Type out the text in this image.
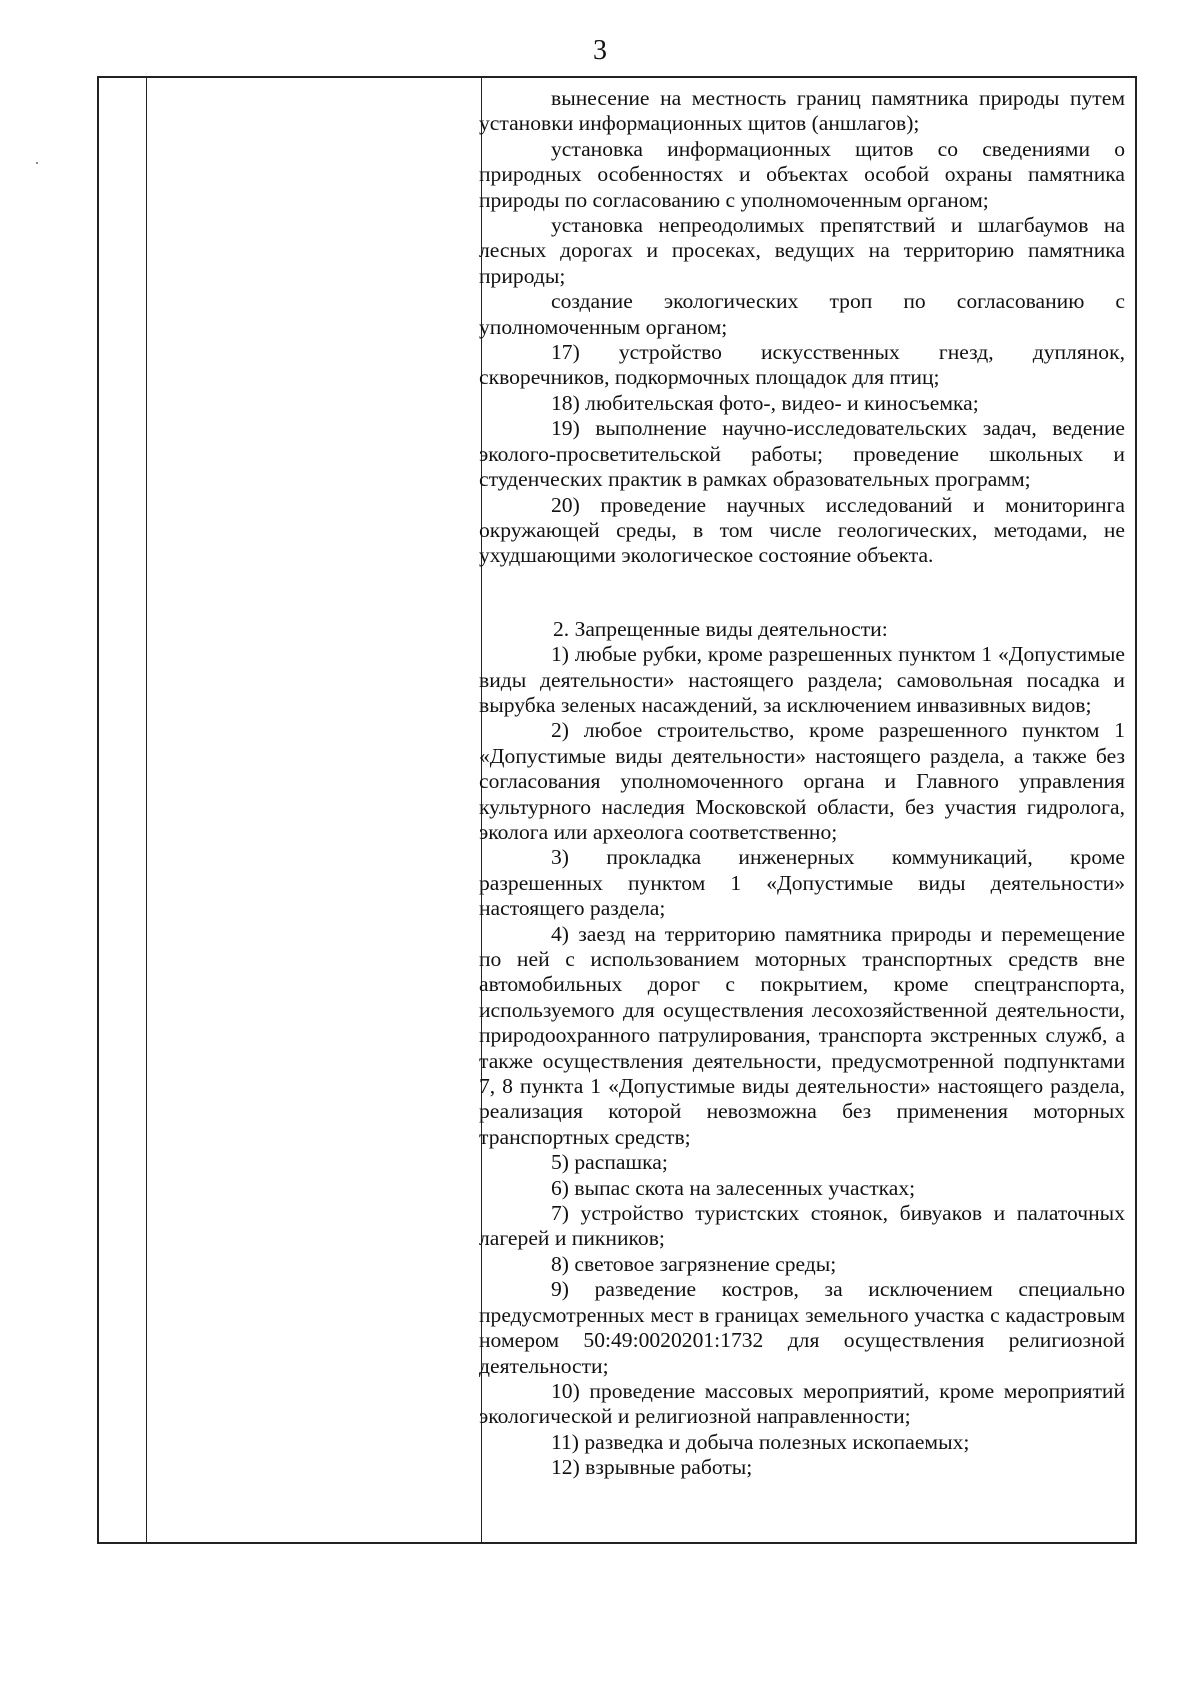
3

вынесение на местность границ памятника природы путем установки информационных щитов (аншлагов);

установка информационных щитов со сведениями о природных особенностях и объектах особой охраны памятника природы по согласованию с уполномоченным органом;

установка непреодолимых препятствий и шлагбаумов на лесных дорогах и просеках, ведущих на территорию памятника природы;

создание экологических троп по согласованию с уполномоченным органом;

17) устройство искусственных гнезд, дуплянок, скворечников, подкормочных площадок для птиц;

18) любительская фото-, видео- и киносъемка;

19) выполнение научно-исследовательских задач, ведение эколого-просветительской работы; проведение школьных и студенческих практик в рамках образовательных программ;

20) проведение научных исследований и мониторинга окружающей среды, в том числе геологических, методами, не ухудшающими экологическое состояние объекта.

2. Запрещенные виды деятельности:

1) любые рубки, кроме разрешенных пунктом 1 «Допустимые виды деятельности» настоящего раздела; самовольная посадка и вырубка зеленых насаждений, за исключением инвазивных видов;

2) любое строительство, кроме разрешенного пунктом 1 «Допустимые виды деятельности» настоящего раздела, а также без согласования уполномоченного органа и Главного управления культурного наследия Московской области, без участия гидролога, эколога или археолога соответственно;

3) прокладка инженерных коммуникаций, кроме разрешенных пунктом 1 «Допустимые виды деятельности» настоящего раздела;

4) заезд на территорию памятника природы и перемещение по ней с использованием моторных транспортных средств вне автомобильных дорог с покрытием, кроме спецтранспорта, используемого для осуществления лесохозяйственной деятельности, природоохранного патрулирования, транспорта экстренных служб, а также осуществления деятельности, предусмотренной подпунктами 7, 8 пункта 1 «Допустимые виды деятельности» настоящего раздела, реализация которой невозможна без применения моторных транспортных средств;

5) распашка;

6) выпас скота на залесенных участках;

7) устройство туристских стоянок, бивуаков и палаточных лагерей и пикников;

8) световое загрязнение среды;

9) разведение костров, за исключением специально предусмотренных мест в границах земельного участка с кадастровым номером 50:49:0020201:1732 для осуществления религиозной деятельности;

10) проведение массовых мероприятий, кроме мероприятий экологической и религиозной направленности;

11) разведка и добыча полезных ископаемых;

12) взрывные работы;
